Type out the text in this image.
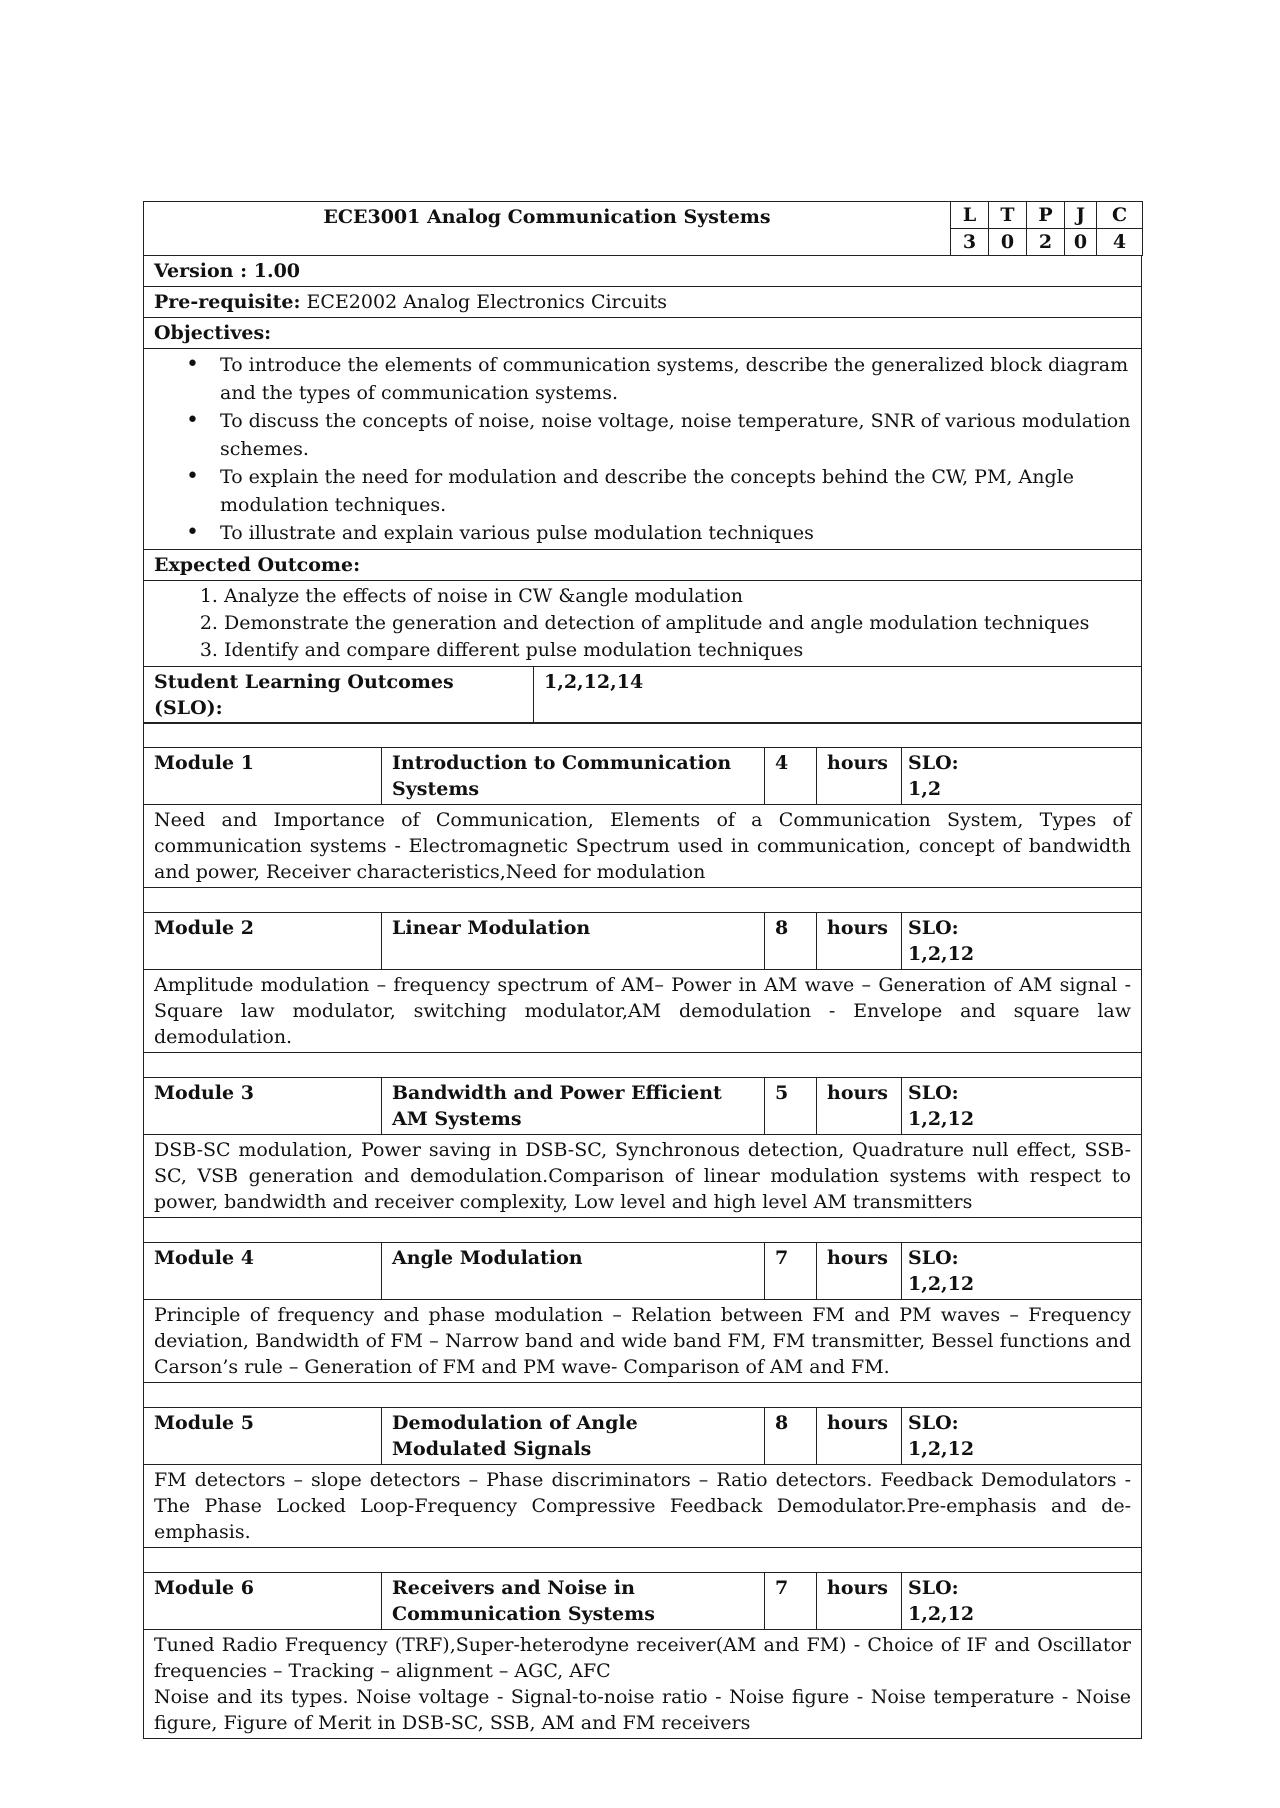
ECE3001 Analog Communication Systems	L	T	P	J	C
	3	0	2	0	4
Version : 1.00
Pre-requisite: ECE2002 Analog Electronics Circuits
Objectives:

• To introduce the elements of communication systems, describe the generalized block diagram and the types of communication systems.
• To discuss the concepts of noise, noise voltage, noise temperature, SNR of various modulation schemes.
• To explain the need for modulation and describe the concepts behind the CW, PM, Angle modulation techniques.
• To illustrate and explain various pulse modulation techniques

Expected Outcome:

1. Analyze the effects of noise in CW &angle modulation
2. Demonstrate the generation and detection of amplitude and angle modulation techniques
3. Identify and compare different pulse modulation techniques

Student Learning Outcomes (SLO):	1,2,12,14

Module 1	Introduction to Communication Systems	4	hours	SLO:
1,2
Need and Importance of Communication, Elements of a Communication System, Types of communication systems - Electromagnetic Spectrum used in communication, concept of bandwidth and power, Receiver characteristics,Need for modulation				

Module 2	Linear Modulation	8	hours	SLO:
1,2,12
Amplitude modulation – frequency spectrum of AM– Power in AM wave – Generation of AM signal - Square law modulator, switching modulator,AM demodulation - Envelope and square law demodulation.				

Module 3	Bandwidth and Power Efficient AM Systems	5	hours	SLO:
1,2,12
DSB-SC modulation, Power saving in DSB-SC, Synchronous detection, Quadrature null effect, SSB-SC, VSB generation and demodulation.Comparison of linear modulation systems with respect to power, bandwidth and receiver complexity, Low level and high level AM transmitters				

Module 4	Angle Modulation	7	hours	SLO:
1,2,12
Principle of frequency and phase modulation – Relation between FM and PM waves – Frequency deviation, Bandwidth of FM – Narrow band and wide band FM, FM transmitter, Bessel functions and Carson’s rule – Generation of FM and PM wave- Comparison of AM and FM.				

Module 5	Demodulation of Angle Modulated Signals	8	hours	SLO:
1,2,12
FM detectors – slope detectors – Phase discriminators – Ratio detectors. Feedback Demodulators - The Phase Locked Loop-Frequency Compressive Feedback Demodulator.Pre-emphasis and de-emphasis.				

Module 6	Receivers and Noise in Communication Systems	7	hours	SLO:
1,2,12

Tuned Radio Frequency (TRF),Super-heterodyne receiver(AM and FM) - Choice of IF and Oscillator frequencies – Tracking – alignment – AGC, AFC
Noise and its types. Noise voltage - Signal-to-noise ratio - Noise figure - Noise temperature - Noise figure, Figure of Merit in DSB-SC, SSB, AM and FM receivers				
